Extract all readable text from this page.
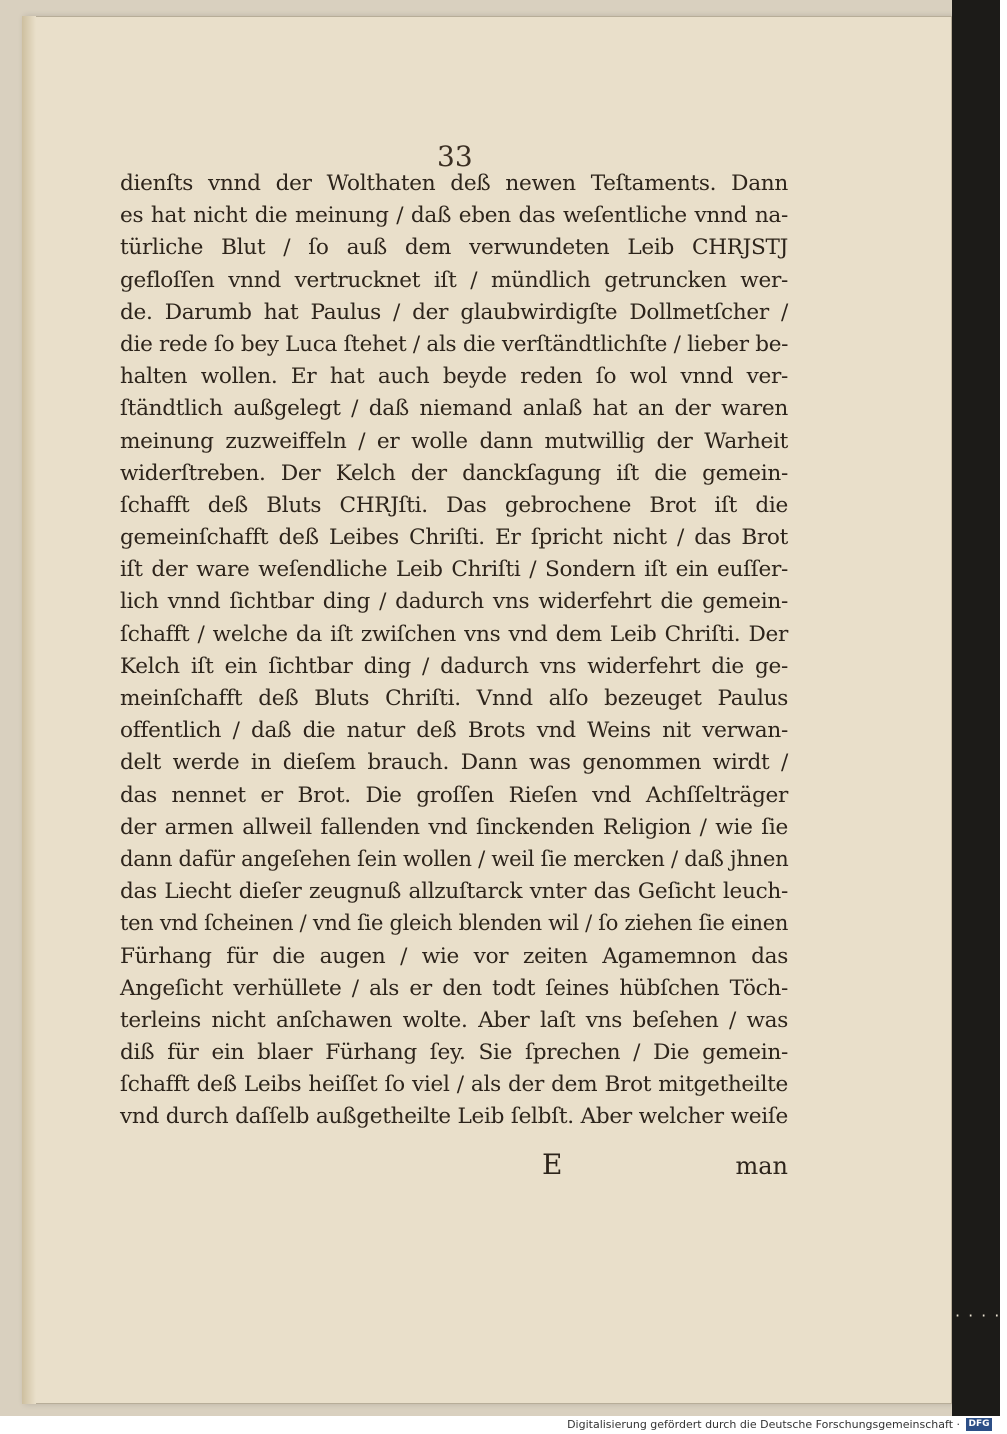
33
dienſts vnnd der Wolthaten deß newen Teſtaments. Dann
es hat nicht die meinung / daß eben das weſentliche vnnd na-
türliche Blut / ſo auß dem verwundeten Leib CHRJSTJ
gefloſſen vnnd vertrucknet iſt / mündlich getruncken wer-
de. Darumb hat Paulus / der glaubwirdigſte Dollmetſcher /
die rede ſo bey Luca ſtehet / als die verſtändtlichſte / lieber be-
halten wollen. Er hat auch beyde reden ſo wol vnnd ver-
ſtändtlich außgelegt / daß niemand anlaß hat an der waren
meinung zuzweiffeln / er wolle dann mutwillig der Warheit
widerſtreben. Der Kelch der danckſagung iſt die gemein-
ſchafft deß Bluts CHRJſti. Das gebrochene Brot iſt die
gemeinſchafft deß Leibes Chriſti. Er ſpricht nicht / das Brot
iſt der ware weſendliche Leib Chriſti / Sondern iſt ein euſſer-
lich vnnd ſichtbar ding / dadurch vns widerfehrt die gemein-
ſchafft / welche da iſt zwiſchen vns vnd dem Leib Chriſti. Der
Kelch iſt ein ſichtbar ding / dadurch vns widerfehrt die ge-
meinſchafft deß Bluts Chriſti. Vnnd alſo bezeuget Paulus
offentlich / daß die natur deß Brots vnd Weins nit verwan-
delt werde in dieſem brauch. Dann was genommen wirdt /
das nennet er Brot. Die groſſen Rieſen vnd Achſſelträger
der armen allweil fallenden vnd ſinckenden Religion / wie ſie
dann dafür angeſehen ſein wollen / weil ſie mercken / daß jhnen
das Liecht dieſer zeugnuß allzuſtarck vnter das Geſicht leuch-
ten vnd ſcheinen / vnd ſie gleich blenden wil / ſo ziehen ſie einen
Fürhang für die augen / wie vor zeiten Agamemnon das
Angeſicht verhüllete / als er den todt ſeines hübſchen Töch-
terleins nicht anſchawen wolte. Aber laſt vns beſehen / was
diß für ein blaer Fürhang ſey. Sie ſprechen / Die gemein-
ſchafft deß Leibs heiſſet ſo viel / als der dem Brot mitgetheilte
vnd durch daſſelb außgetheilte Leib ſelbſt. Aber welcher weiſe
E	man
····
Digitalisierung gefördert durch die Deutsche Forschungsgemeinschaft · DFG
